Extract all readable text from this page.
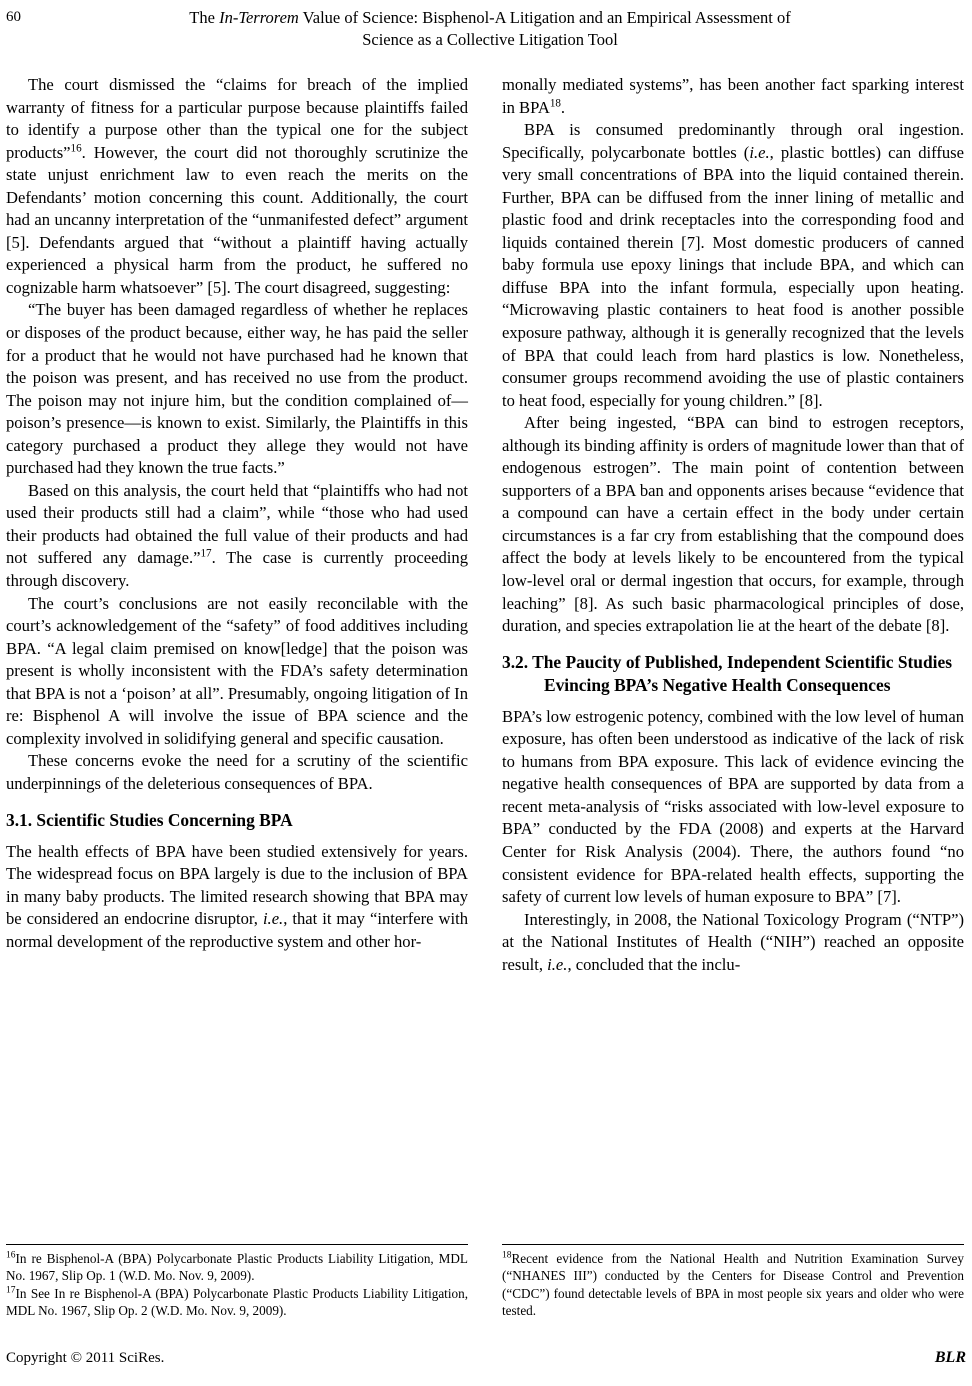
60	The In-Terrorem Value of Science: Bisphenol-A Litigation and an Empirical Assessment of
Science as a Collective Litigation Tool

The court dismissed the “claims for breach of the implied warranty of fitness for a particular purpose because plaintiffs failed to identify a purpose other than the typical one for the subject products”$^{16}$. However, the court did not thoroughly scrutinize the state unjust enrichment law to even reach the merits on the Defendants’ motion concerning this count. Additionally, the court had an uncanny interpretation of the “unmanifested defect” argument [5]. Defendants argued that “without a plaintiff having actually experienced a physical harm from the product, he suffered no cognizable harm whatsoever” [5]. The court disagreed, suggesting:

“The buyer has been damaged regardless of whether he replaces or disposes of the product because, either way, he has paid the seller for a product that he would not have purchased had he known that the poison was present, and has received no use from the product. The poison may not injure him, but the condition complained of—poison’s presence—is known to exist. Similarly, the Plaintiffs in this category purchased a product they allege they would not have purchased had they known the true facts.”

Based on this analysis, the court held that “plaintiffs who had not used their products still had a claim”, while “those who had used their products had obtained the full value of their products and had not suffered any damage.”$^{17}$. The case is currently proceeding through discovery.

The court’s conclusions are not easily reconcilable with the court’s acknowledgement of the “safety” of food additives including BPA. “A legal claim premised on know[ledge] that the poison was present is wholly inconsistent with the FDA’s safety determination that BPA is not a ‘poison’ at all”. Presumably, ongoing litigation of In re: Bisphenol A will involve the issue of BPA science and the complexity involved in solidifying general and specific causation.

These concerns evoke the need for a scrutiny of the scientific underpinnings of the deleterious consequences of BPA.

3.1. Scientific Studies Concerning BPA

The health effects of BPA have been studied extensively for years. The widespread focus on BPA largely is due to the inclusion of BPA in many baby products. The limited research showing that BPA may be considered an endocrine disruptor, i.e., that it may “interfere with normal development of the reproductive system and other hor-

monally mediated systems”, has been another fact sparking interest in BPA$^{18}$.

BPA is consumed predominantly through oral ingestion. Specifically, polycarbonate bottles (i.e., plastic bottles) can diffuse very small concentrations of BPA into the liquid contained therein. Further, BPA can be diffused from the inner lining of metallic and plastic food and drink receptacles into the corresponding food and liquids contained therein [7]. Most domestic producers of canned baby formula use epoxy linings that include BPA, and which can diffuse BPA into the infant formula, especially upon heating. “Microwaving plastic containers to heat food is another possible exposure pathway, although it is generally recognized that the levels of BPA that could leach from hard plastics is low. Nonetheless, consumer groups recommend avoiding the use of plastic containers to heat food, especially for young children.” [8].

After being ingested, “BPA can bind to estrogen receptors, although its binding affinity is orders of magnitude lower than that of endogenous estrogen”. The main point of contention between supporters of a BPA ban and opponents arises because “evidence that a compound can have a certain effect in the body under certain circumstances is a far cry from establishing that the compound does affect the body at levels likely to be encountered from the typical low-level oral or dermal ingestion that occurs, for example, through leaching” [8]. As such basic pharmacological principles of dose, duration, and species extrapolation lie at the heart of the debate [8].

3.2. The Paucity of Published, Independent Scientific Studies Evincing BPA’s Negative Health Consequences

BPA’s low estrogenic potency, combined with the low level of human exposure, has often been understood as indicative of the lack of risk to humans from BPA exposure. This lack of evidence evincing the negative health consequences of BPA are supported by data from a recent meta-analysis of “risks associated with low-level exposure to BPA” conducted by the FDA (2008) and experts at the Harvard Center for Risk Analysis (2004). There, the authors found “no consistent evidence for BPA-related health effects, supporting the safety of current low levels of human exposure to BPA” [7].

Interestingly, in 2008, the National Toxicology Program (“NTP”) at the National Institutes of Health (“NIH”) reached an opposite result, i.e., concluded that the inclu-

$^{16}$In re Bisphenol-A (BPA) Polycarbonate Plastic Products Liability Litigation, MDL No. 1967, Slip Op. 1 (W.D. Mo. Nov. 9, 2009).

$^{17}$In See In re Bisphenol-A (BPA) Polycarbonate Plastic Products Liability Litigation, MDL No. 1967, Slip Op. 2 (W.D. Mo. Nov. 9, 2009).

$^{18}$Recent evidence from the National Health and Nutrition Examination Survey (“NHANES III”) conducted by the Centers for Disease Control and Prevention (“CDC”) found detectable levels of BPA in most people six years and older who were tested.

Copyright © 2011 SciRes.	BLR
